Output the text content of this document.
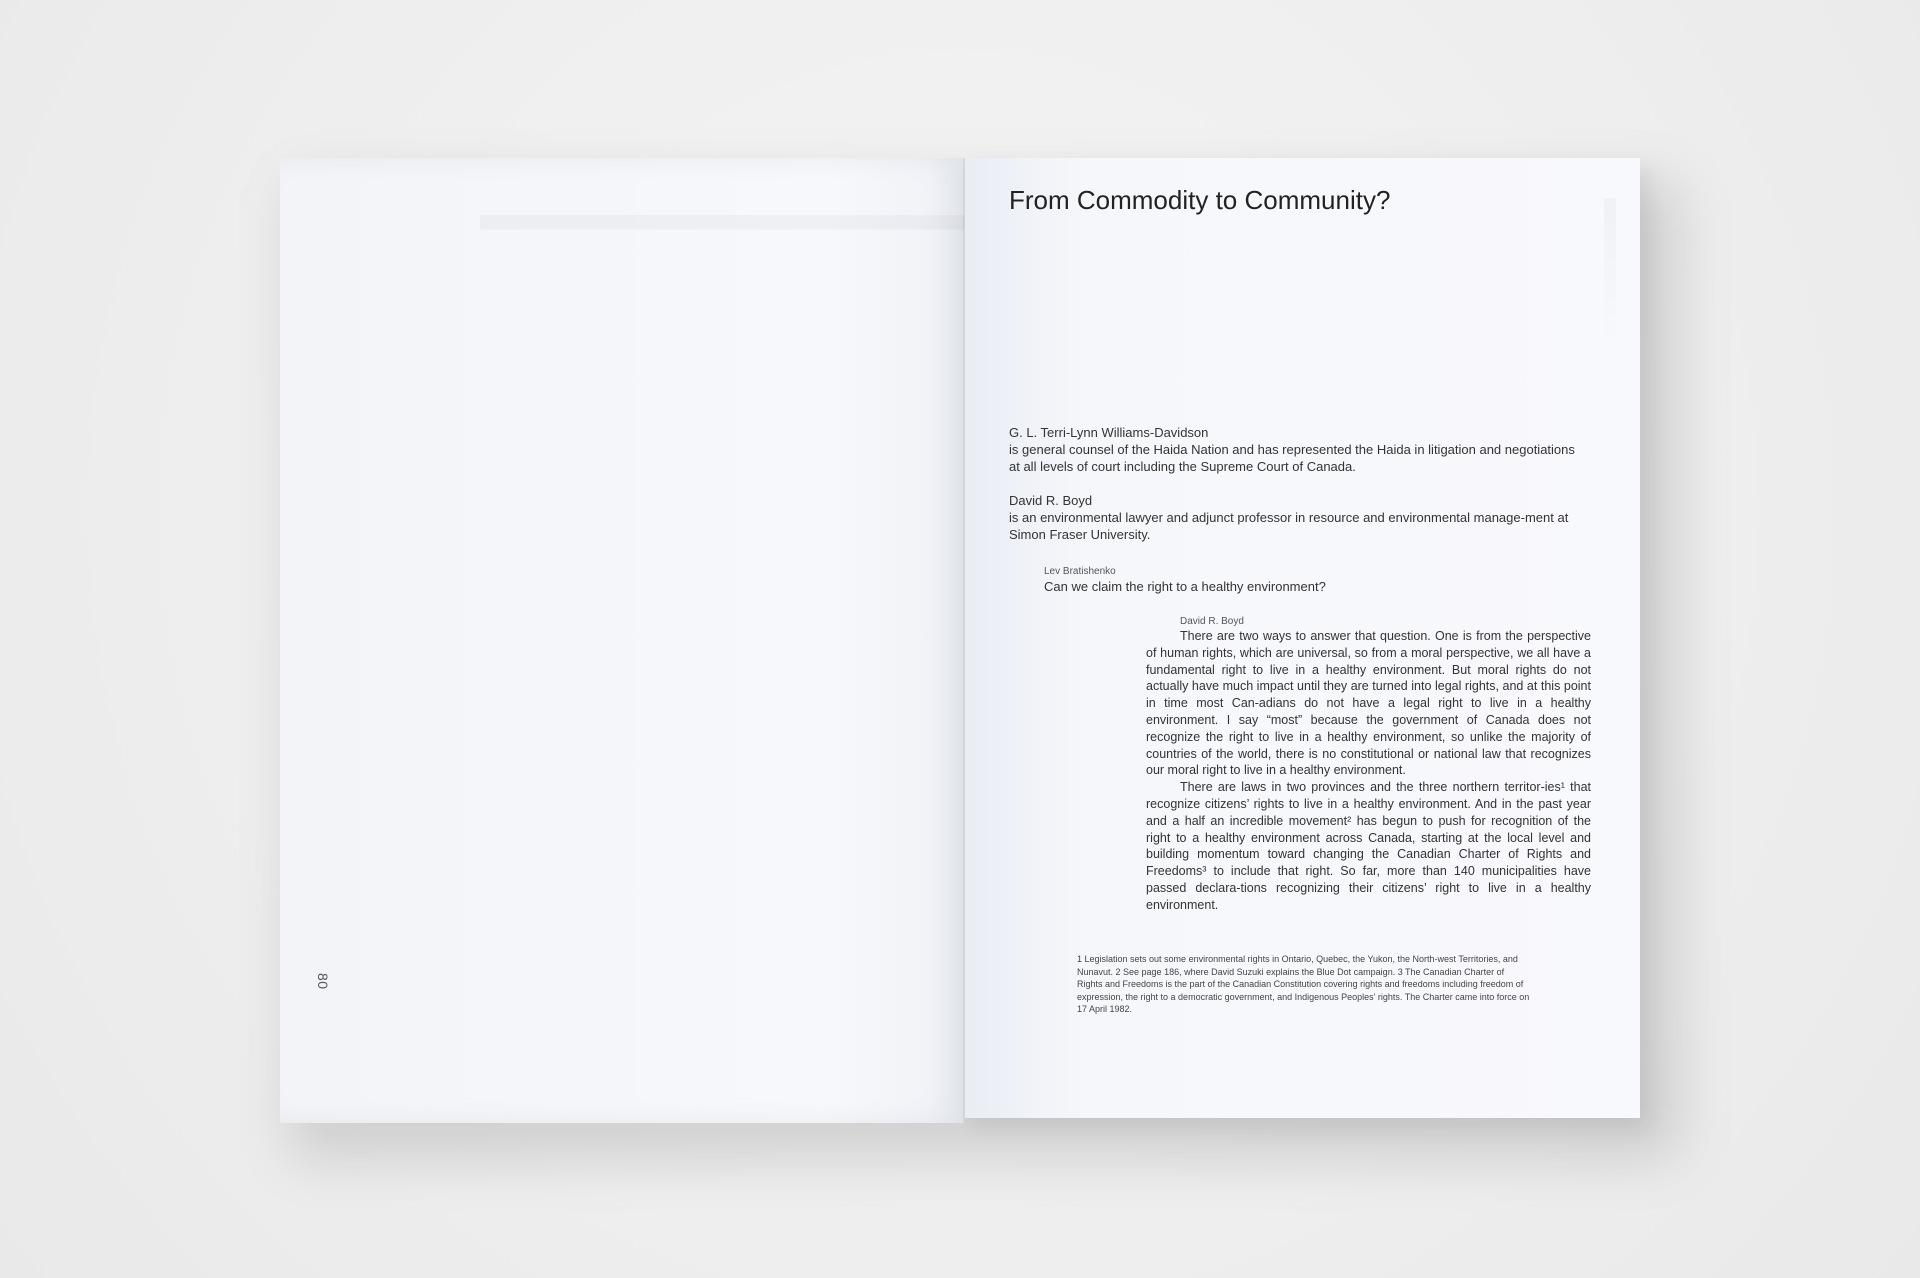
80
From Commodity to Community?
G. L. Terri-Lynn Williams-Davidson
is general counsel of the Haida Nation and has represented the Haida in litigation and negotiations at all levels of court including the Supreme Court of Canada.
David R. Boyd
is an environmental lawyer and adjunct professor in resource and environmental manage-ment at Simon Fraser University.
Lev Bratishenko
Can we claim the right to a healthy environment?
David R. Boyd

There are two ways to answer that question. One is from the perspective of human rights, which are universal, so from a moral perspective, we all have a fundamental right to live in a healthy environment. But moral rights do not actually have much impact until they are turned into legal rights, and at this point in time most Can-adians do not have a legal right to live in a healthy environment. I say “most” because the government of Canada does not recognize the right to live in a healthy environment, so unlike the majority of countries of the world, there is no constitutional or national law that recognizes our moral right to live in a healthy environment.

There are laws in two provinces and the three northern territor-ies¹ that recognize citizens’ rights to live in a healthy environment. And in the past year and a half an incredible movement² has begun to push for recognition of the right to a healthy environment across Canada, starting at the local level and building momentum toward changing the Canadian Charter of Rights and Freedoms³ to include that right. So far, more than 140 municipalities have passed declara-tions recognizing their citizens’ right to live in a healthy environment.

1 Legislation sets out some environmental rights in Ontario, Quebec, the Yukon, the North-west Territories, and Nunavut. 2 See page 186, where David Suzuki explains the Blue Dot campaign. 3 The Canadian Charter of Rights and Freedoms is the part of the Canadian Constitution covering rights and freedoms including freedom of expression, the right to a democratic government, and Indigenous Peoples’ rights. The Charter came into force on 17 April 1982.
